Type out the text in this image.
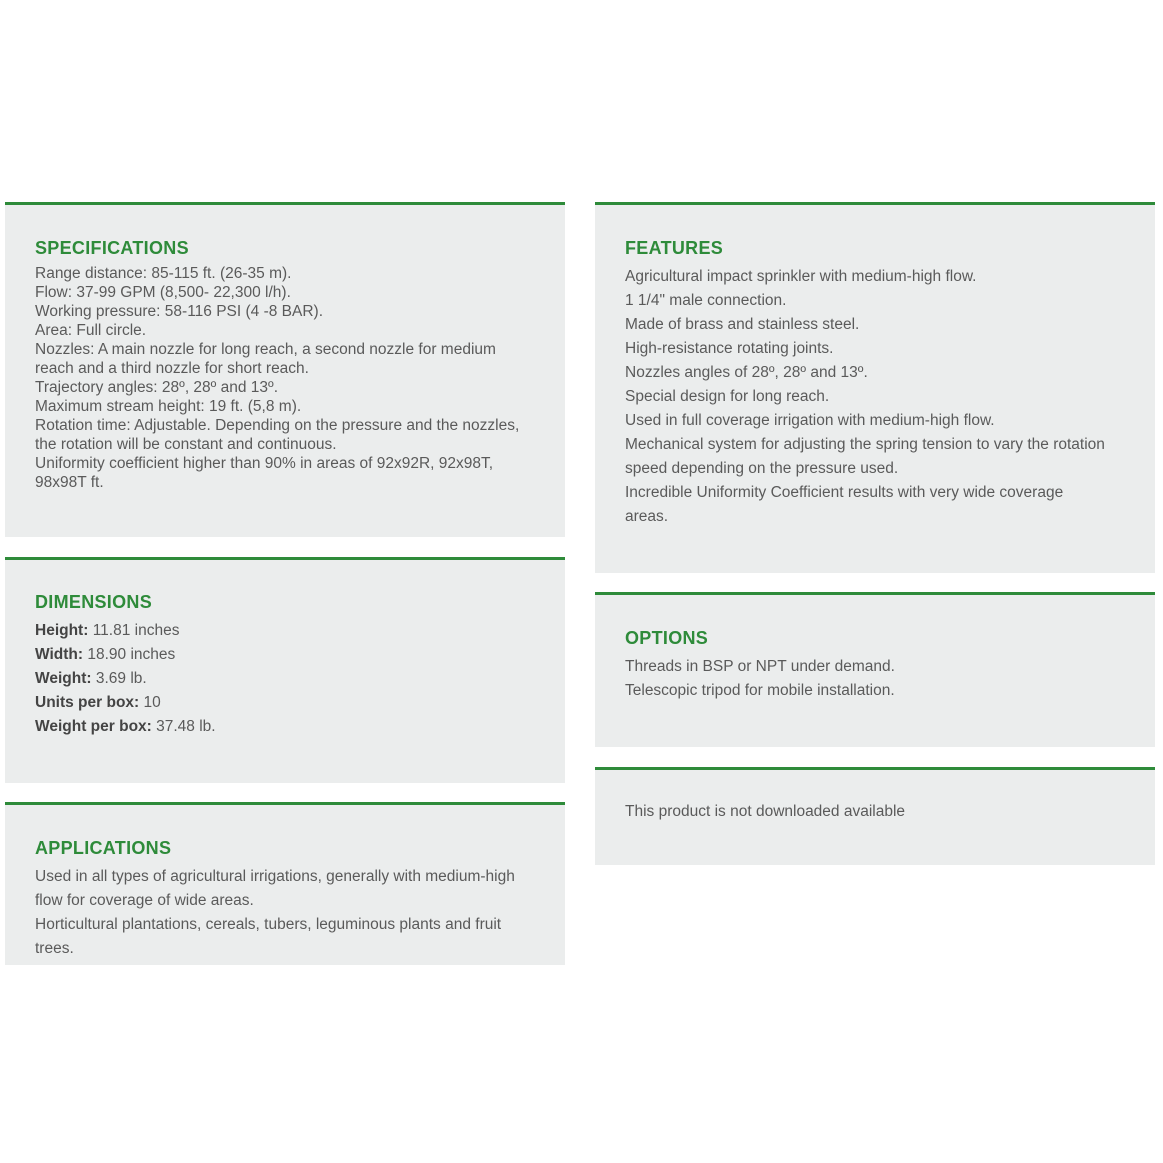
SPECIFICATIONS
Range distance: 85-115 ft. (26-35 m).
Flow: 37-99 GPM (8,500- 22,300 l/h).
Working pressure: 58-116 PSI (4 -8 BAR).
Area: Full circle.
Nozzles: A main nozzle for long reach, a second nozzle for medium
reach and a third nozzle for short reach.
Trajectory angles: 28º, 28º and 13º.
Maximum stream height: 19 ft. (5,8 m).
Rotation time: Adjustable. Depending on the pressure and the nozzles,
the rotation will be constant and continuous.
Uniformity coefficient higher than 90% in areas of 92x92R, 92x98T,
98x98T ft.
DIMENSIONS
Height: 11.81 inches
Width: 18.90 inches
Weight: 3.69 lb.
Units per box: 10
Weight per box: 37.48 lb.
APPLICATIONS
Used in all types of agricultural irrigations, generally with medium-high
flow for coverage of wide areas.
Horticultural plantations, cereals, tubers, leguminous plants and fruit
trees.
FEATURES
Agricultural impact sprinkler with medium-high flow.
1 1/4" male connection.
Made of brass and stainless steel.
High-resistance rotating joints.
Nozzles angles of 28º, 28º and 13º.
Special design for long reach.
Used in full coverage irrigation with medium-high flow.
Mechanical system for adjusting the spring tension to vary the rotation
speed depending on the pressure used.
Incredible Uniformity Coefficient results with very wide coverage
areas.
OPTIONS
Threads in BSP or NPT under demand.
Telescopic tripod for mobile installation.
This product is not downloaded available
